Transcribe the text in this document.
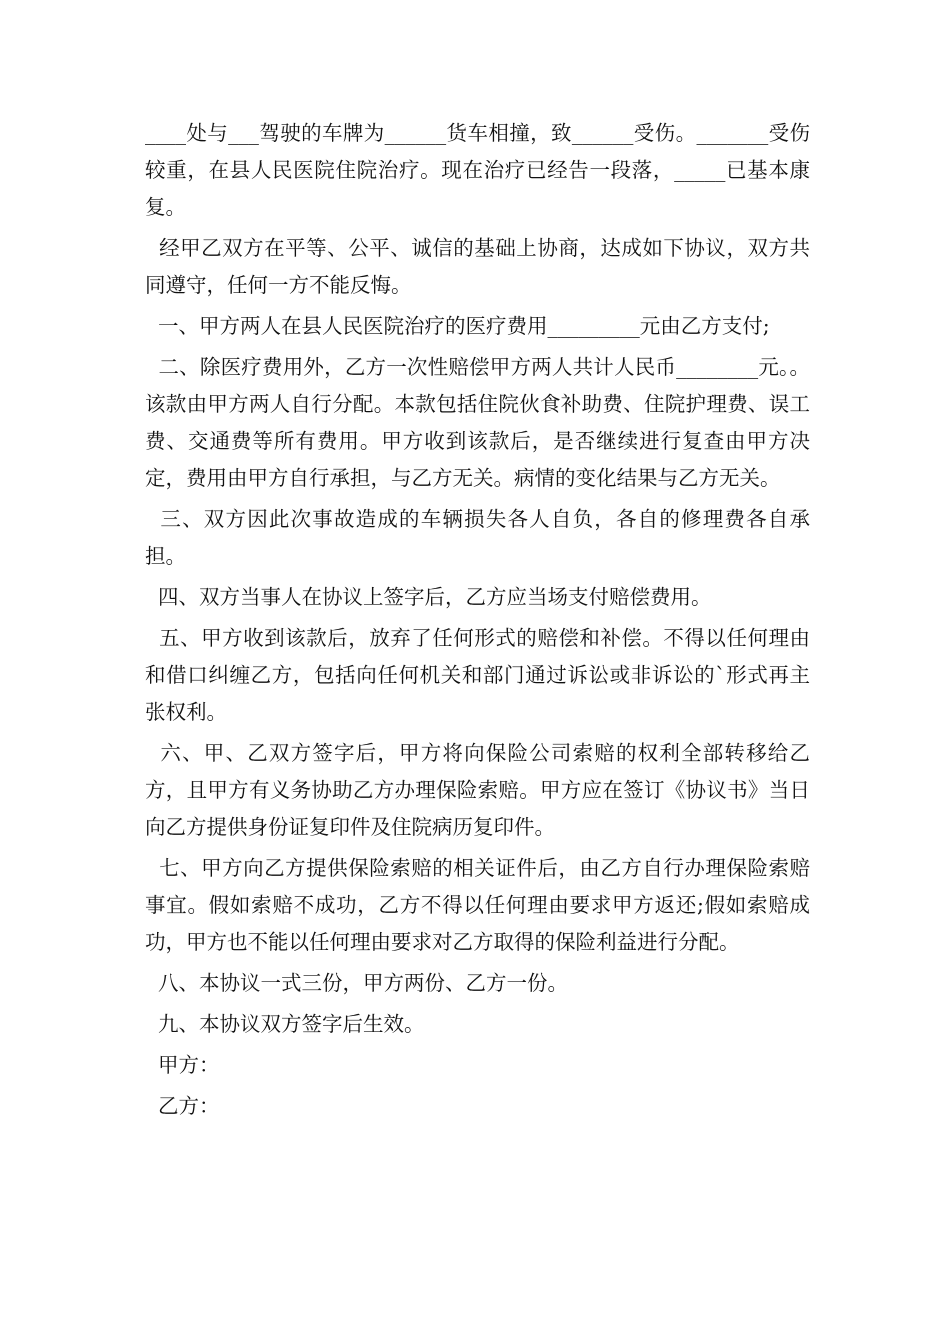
____处与___驾驶的车牌为______货车相撞，致______受伤。_______受伤较重，在县人民医院住院治疗。现在治疗已经告一段落，_____已基本康复。

经甲乙双方在平等、公平、诚信的基础上协商，达成如下协议，双方共同遵守，任何一方不能反悔。

一、甲方两人在县人民医院治疗的医疗费用_________元由乙方支付;

二、除医疗费用外，乙方一次性赔偿甲方两人共计人民币________元。。该款由甲方两人自行分配。本款包括住院伙食补助费、住院护理费、误工费、交通费等所有费用。甲方收到该款后，是否继续进行复查由甲方决定，费用由甲方自行承担，与乙方无关。病情的变化结果与乙方无关。

三、双方因此次事故造成的车辆损失各人自负，各自的修理费各自承担。

四、双方当事人在协议上签字后，乙方应当场支付赔偿费用。

五、甲方收到该款后，放弃了任何形式的赔偿和补偿。不得以任何理由和借口纠缠乙方，包括向任何机关和部门通过诉讼或非诉讼的`形式再主张权利。

六、甲、乙双方签字后，甲方将向保险公司索赔的权利全部转移给乙方，且甲方有义务协助乙方办理保险索赔。甲方应在签订《协议书》当日向乙方提供身份证复印件及住院病历复印件。

七、甲方向乙方提供保险索赔的相关证件后，由乙方自行办理保险索赔事宜。假如索赔不成功，乙方不得以任何理由要求甲方返还;假如索赔成功，甲方也不能以任何理由要求对乙方取得的保险利益进行分配。

八、本协议一式三份，甲方两份、乙方一份。

九、本协议双方签字后生效。

甲方：

乙方：
